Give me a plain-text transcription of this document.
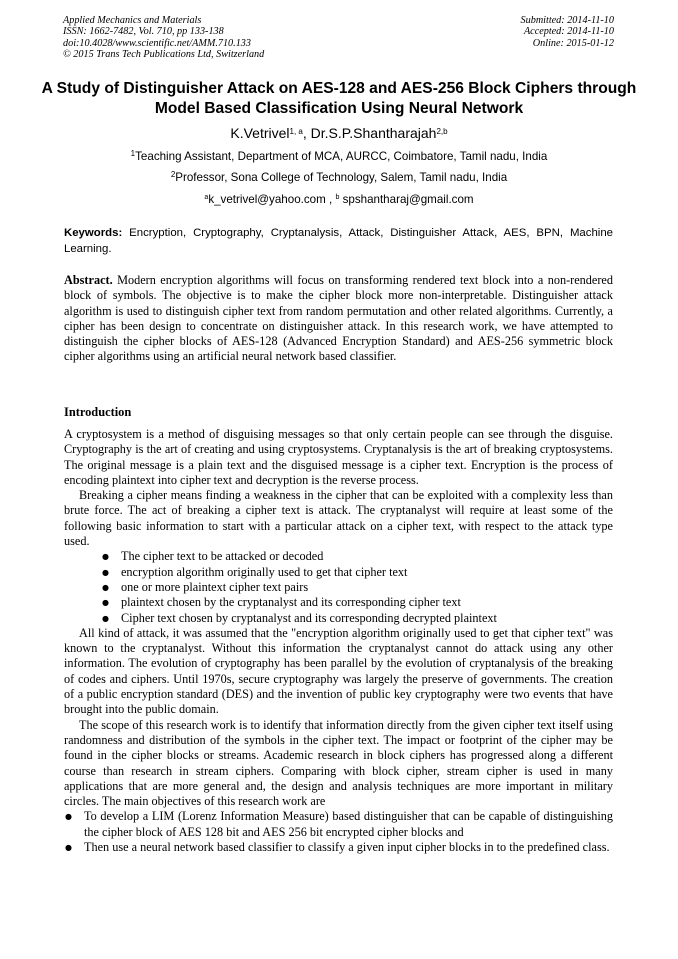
Applied Mechanics and Materials
ISSN: 1662-7482, Vol. 710, pp 133-138
doi:10.4028/www.scientific.net/AMM.710.133
© 2015 Trans Tech Publications Ltd, Switzerland
Submitted: 2014-11-10
Accepted: 2014-11-10
Online: 2015-01-12
A Study of Distinguisher Attack on AES-128 and AES-256 Block Ciphers through Model Based Classification Using Neural Network
K.Vetrivel$^{1, a}$, Dr.S.P.Shantharajah$^{2,b}$
$^1$Teaching Assistant, Department of MCA, AURCC, Coimbatore, Tamil nadu, India
$^2$Professor, Sona College of Technology, Salem, Tamil nadu, India
$^a$k_vetrivel@yahoo.com , $^b$ spshantharaj@gmail.com
Keywords: Encryption, Cryptography, Cryptanalysis, Attack, Distinguisher Attack, AES, BPN, Machine Learning.
Abstract. Modern encryption algorithms will focus on transforming rendered text block into a non-rendered block of symbols. The objective is to make the cipher block more non-interpretable. Distinguisher attack algorithm is used to distinguish cipher text from random permutation and other related algorithms. Currently, a cipher has been design to concentrate on distinguisher attack. In this research work, we have attempted to distinguish the cipher blocks of AES-128 (Advanced Encryption Standard) and AES-256 symmetric block cipher algorithms using an artificial neural network based classifier.
Introduction

A cryptosystem is a method of disguising messages so that only certain people can see through the disguise. Cryptography is the art of creating and using cryptosystems. Cryptanalysis is the art of breaking cryptosystems. The original message is a plain text and the disguised message is a cipher text. Encryption is the process of encoding plaintext into cipher text and decryption is the reverse process.

Breaking a cipher means finding a weakness in the cipher that can be exploited with a complexity less than brute force. The act of breaking a cipher text is attack. The cryptanalyst will require at least some of the following basic information to start with a particular attack on a cipher text, with respect to the attack type used.

● The cipher text to be attacked or decoded
● encryption algorithm originally used to get that cipher text
● one or more plaintext cipher text pairs
● plaintext chosen by the cryptanalyst and its corresponding cipher text
● Cipher text chosen by cryptanalyst and its corresponding decrypted plaintext

All kind of attack, it was assumed that the "encryption algorithm originally used to get that cipher text" was known to the cryptanalyst. Without this information the cryptanalyst cannot do attack using any other information. The evolution of cryptography has been parallel by the evolution of cryptanalysis of the breaking of codes and ciphers. Until 1970s, secure cryptography was largely the preserve of governments. The creation of a public encryption standard (DES) and the invention of public key cryptography were two events that have brought into the public domain.

The scope of this research work is to identify that information directly from the given cipher text itself using randomness and distribution of the symbols in the cipher text. The impact or footprint of the cipher may be found in the cipher blocks or streams. Academic research in block ciphers has progressed along a different course than research in stream ciphers. Comparing with block cipher, stream cipher is used in many applications that are more general and, the design and analysis techniques are more important in military circles. The main objectives of this research work are

● To develop a LIM (Lorenz Information Measure) based distinguisher that can be capable of distinguishing the cipher block of AES 128 bit and AES 256 bit encrypted cipher blocks and
● Then use a neural network based classifier to classify a given input cipher blocks in to the predefined class.
